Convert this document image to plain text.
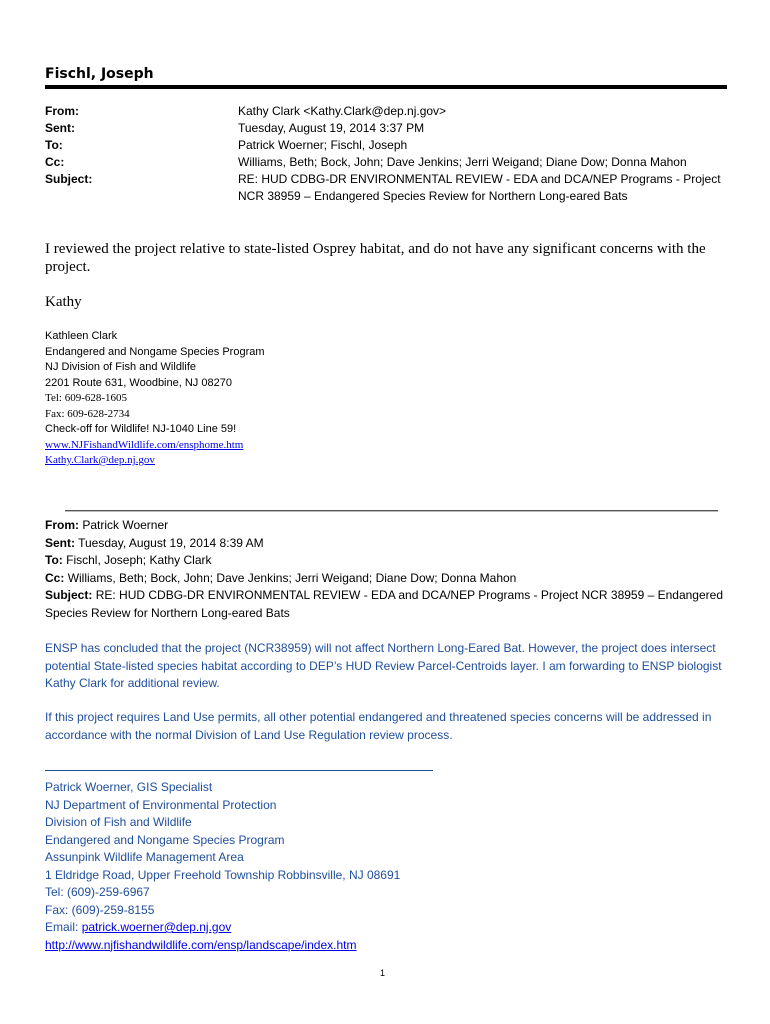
Fischl, Joseph
From:	Kathy Clark <Kathy.Clark@dep.nj.gov>
Sent:	Tuesday, August 19, 2014 3:37 PM
To:	Patrick Woerner; Fischl, Joseph
Cc:	Williams, Beth; Bock, John; Dave Jenkins; Jerri Weigand; Diane Dow; Donna Mahon
Subject:	RE: HUD CDBG-DR ENVIRONMENTAL REVIEW - EDA and DCA/NEP Programs - Project NCR 38959 – Endangered Species Review for Northern Long-eared Bats
I reviewed the project relative to state-listed Osprey habitat, and do not have any significant concerns with the project.
Kathy
Kathleen Clark
Endangered and Nongame Species Program
NJ Division of Fish and Wildlife
2201 Route 631, Woodbine, NJ 08270
Tel: 609-628-1605
Fax: 609-628-2734
Check-off for Wildlife! NJ-1040 Line 59!
www.NJFishandWildlife.com/ensphome.htm
Kathy.Clark@dep.nj.gov
From: Patrick Woerner
Sent: Tuesday, August 19, 2014 8:39 AM
To: Fischl, Joseph; Kathy Clark
Cc: Williams, Beth; Bock, John; Dave Jenkins; Jerri Weigand; Diane Dow; Donna Mahon
Subject: RE: HUD CDBG-DR ENVIRONMENTAL REVIEW - EDA and DCA/NEP Programs - Project NCR 38959 – Endangered Species Review for Northern Long-eared Bats
ENSP has concluded that the project (NCR38959) will not affect Northern Long-Eared Bat. However, the project does intersect potential State-listed species habitat according to DEP’s HUD Review Parcel-Centroids layer. I am forwarding to ENSP biologist Kathy Clark for additional review.
If this project requires Land Use permits, all other potential endangered and threatened species concerns will be addressed in accordance with the normal Division of Land Use Regulation review process.
Patrick Woerner, GIS Specialist
NJ Department of Environmental Protection
Division of Fish and Wildlife
Endangered and Nongame Species Program
Assunpink Wildlife Management Area
1 Eldridge Road, Upper Freehold Township Robbinsville, NJ 08691
Tel: (609)-259-6967
Fax: (609)-259-8155
Email: patrick.woerner@dep.nj.gov
http://www.njfishandwildlife.com/ensp/landscape/index.htm
1
